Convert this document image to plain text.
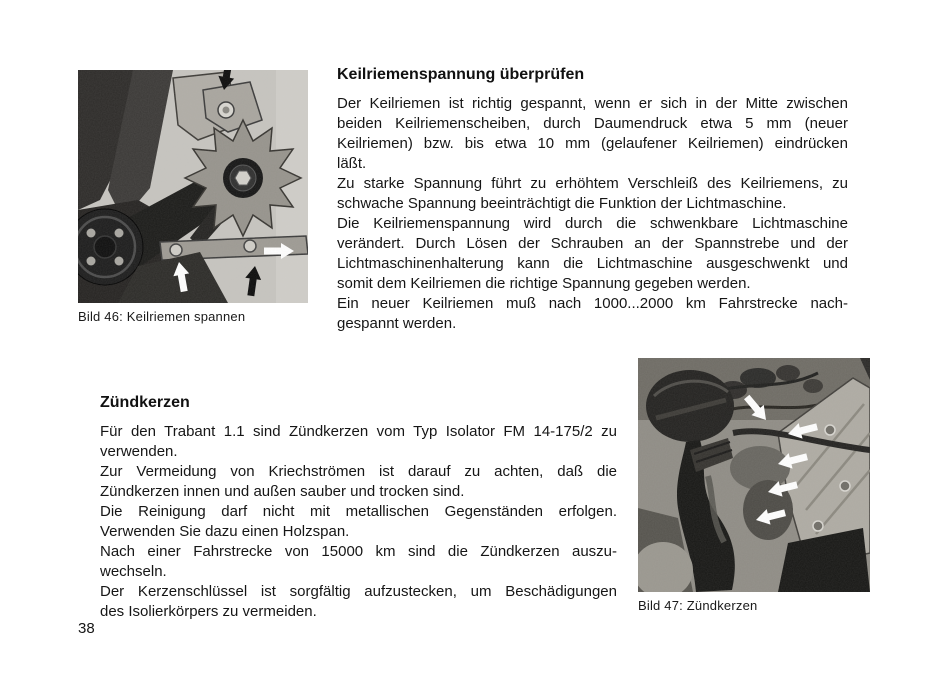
Bild 46: Keilriemen spannen
Keilriemenspannung überprüfen
Der Keilriemen ist richtig gespannt, wenn er sich in der Mitte zwischen
beiden Keilriemenscheiben, durch Daumendruck etwa 5 mm (neuer
Keilriemen) bzw. bis etwa 10 mm (gelaufener Keilriemen) eindrücken
läßt.
Zu starke Spannung führt zu erhöhtem Verschleiß des Keilriemens, zu
schwache Spannung beeinträchtigt die Funktion der Lichtmaschine.
Die Keilriemenspannung wird durch die schwenkbare Lichtmaschine
verändert. Durch Lösen der Schrauben an der Spannstrebe und der
Lichtmaschinenhalterung kann die Lichtmaschine ausgeschwenkt und
somit dem Keilriemen die richtige Spannung gegeben werden.
Ein neuer Keilriemen muß nach 1000...2000 km Fahrstrecke nach-
gespannt werden.
Zündkerzen
Für den Trabant 1.1 sind Zündkerzen vom Typ Isolator FM 14-175/2 zu
verwenden.
Zur Vermeidung von Kriechströmen ist darauf zu achten, daß die
Zündkerzen innen und außen sauber und trocken sind.
Die Reinigung darf nicht mit metallischen Gegenständen erfolgen.
Verwenden Sie dazu einen Holzspan.
Nach einer Fahrstrecke von 15000 km sind die Zündkerzen auszu-
wechseln.
Der Kerzenschlüssel ist sorgfältig aufzustecken, um Beschädigungen
des Isolierkörpers zu vermeiden.	Bild 47: Zündkerzen
38
